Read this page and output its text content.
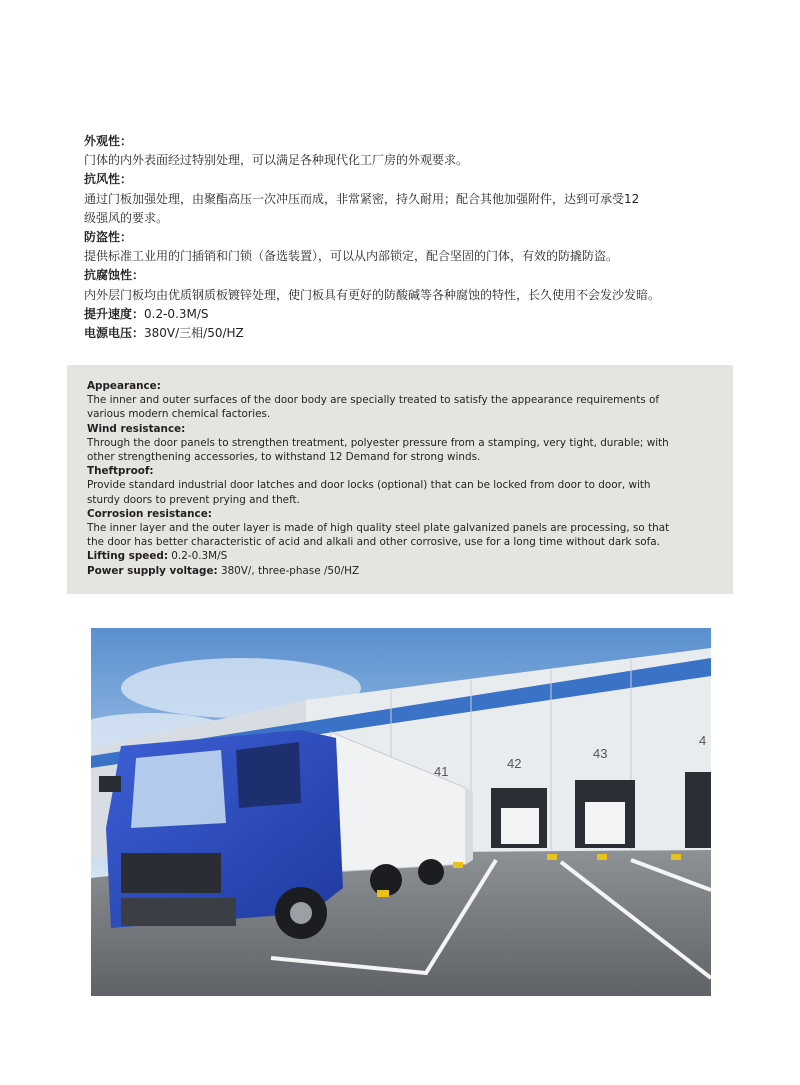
外观性：
门体的内外表面经过特别处理，可以满足各种现代化工厂房的外观要求。
抗风性：
通过门板加强处理，由聚酯高压一次冲压而成，非常紧密，持久耐用；配合其他加强附件，达到可承受12
级强风的要求。
防盗性：
提供标准工业用的门插销和门锁（备选装置），可以从内部锁定，配合坚固的门体，有效的防撬防盗。
抗腐蚀性：
内外层门板均由优质钢质板镀锌处理，使门板具有更好的防酸碱等各种腐蚀的特性，长久使用不会发沙发暗。
提升速度：0.2-0.3M/S
电源电压：380V/三相/50/HZ
Appearance:
The inner and outer surfaces of the door body are specially treated to satisfy the appearance requirements of
various modern chemical factories.
Wind resistance:
Through the door panels to strengthen treatment, polyester pressure from a stamping, very tight, durable; with
other strengthening accessories, to withstand 12 Demand for strong winds.
Theftproof:
Provide standard industrial door latches and door locks (optional) that can be locked from door to door, with
sturdy doors to prevent prying and theft.
Corrosion resistance:
The inner layer and the outer layer is made of high quality steel plate galvanized panels are processing, so that
the door has better characteristic of acid and alkali and other corrosive, use for a long time without dark sofa.
Lifting speed: 0.2-0.3M/S
Power supply voltage: 380V/, three-phase /50/HZ
41
42
43
4
